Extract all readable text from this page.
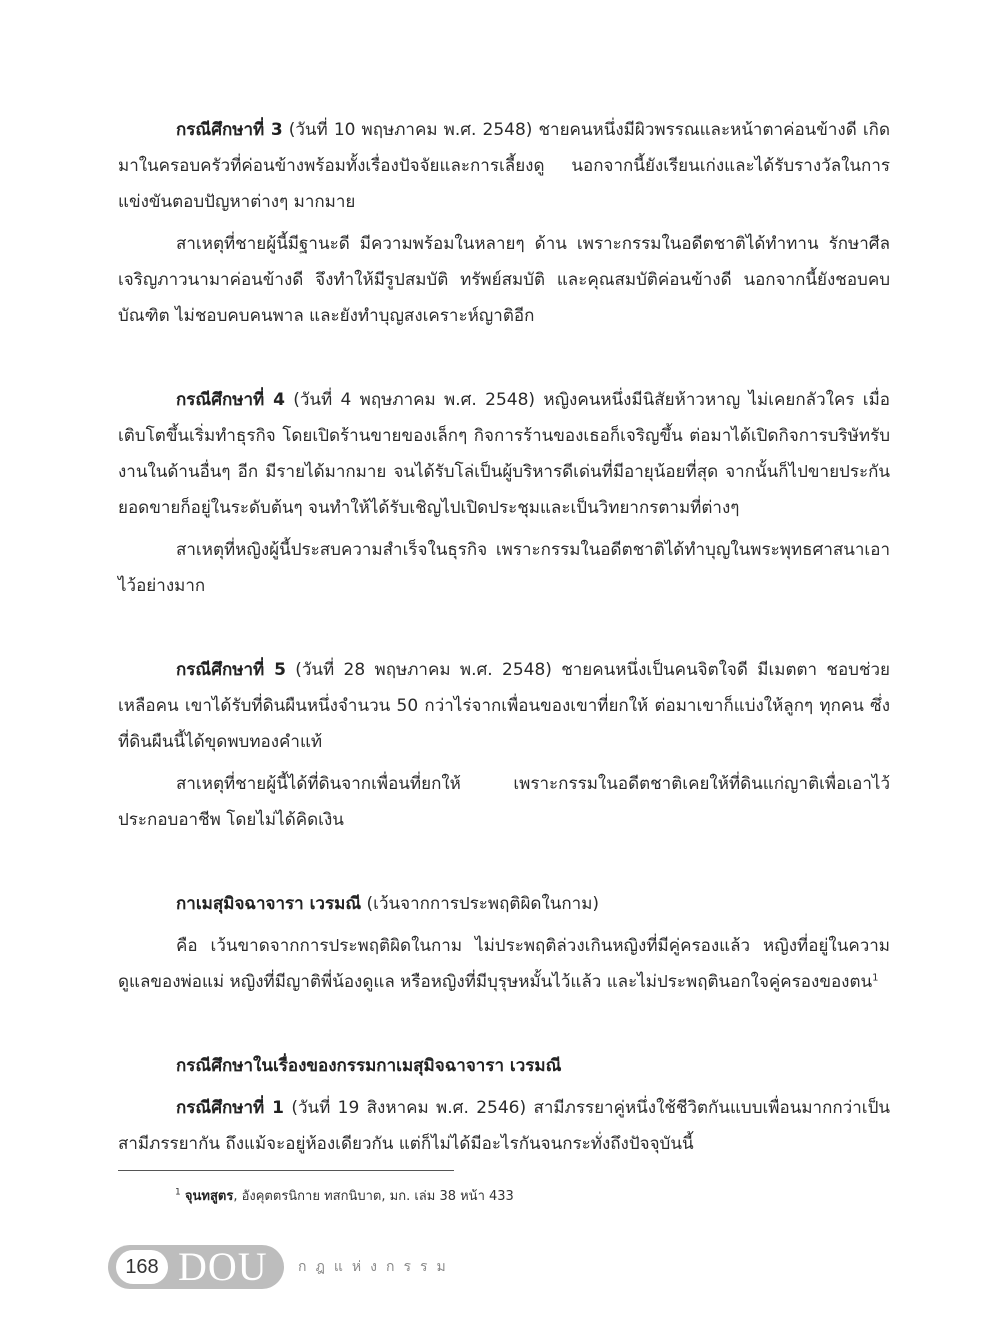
กรณีศึกษาที่ 3 (วันที่ 10 พฤษภาคม พ.ศ. 2548) ชายคนหนึ่งมีผิวพรรณและหน้าตาค่อนข้างดี เกิดมาในครอบครัวที่ค่อนข้างพร้อมทั้งเรื่องปัจจัยและการเลี้ยงดู นอกจากนี้ยังเรียนเก่งและได้รับรางวัลในการแข่งขันตอบปัญหาต่างๆ มากมาย

สาเหตุที่ชายผู้นี้มีฐานะดี มีความพร้อมในหลายๆ ด้าน เพราะกรรมในอดีตชาติได้ทำทาน รักษาศีล เจริญภาวนามาค่อนข้างดี จึงทำให้มีรูปสมบัติ ทรัพย์สมบัติ และคุณสมบัติค่อนข้างดี นอกจากนี้ยังชอบคบบัณฑิต ไม่ชอบคบคนพาล และยังทำบุญสงเคราะห์ญาติอีก

กรณีศึกษาที่ 4 (วันที่ 4 พฤษภาคม พ.ศ. 2548) หญิงคนหนึ่งมีนิสัยห้าวหาญ ไม่เคยกลัวใคร เมื่อเติบโตขึ้นเริ่มทำธุรกิจ โดยเปิดร้านขายของเล็กๆ กิจการร้านของเธอก็เจริญขึ้น ต่อมาได้เปิดกิจการบริษัทรับงานในด้านอื่นๆ อีก มีรายได้มากมาย จนได้รับโล่เป็นผู้บริหารดีเด่นที่มีอายุน้อยที่สุด จากนั้นก็ไปขายประกันยอดขายก็อยู่ในระดับต้นๆ จนทำให้ได้รับเชิญไปเปิดประชุมและเป็นวิทยากรตามที่ต่างๆ

สาเหตุที่หญิงผู้นี้ประสบความสำเร็จในธุรกิจ เพราะกรรมในอดีตชาติได้ทำบุญในพระพุทธศาสนาเอาไว้อย่างมาก

กรณีศึกษาที่ 5 (วันที่ 28 พฤษภาคม พ.ศ. 2548) ชายคนหนึ่งเป็นคนจิตใจดี มีเมตตา ชอบช่วยเหลือคน เขาได้รับที่ดินผืนหนึ่งจำนวน 50 กว่าไร่จากเพื่อนของเขาที่ยกให้ ต่อมาเขาก็แบ่งให้ลูกๆ ทุกคน ซึ่งที่ดินผืนนี้ได้ขุดพบทองคำแท้

สาเหตุที่ชายผู้นี้ได้ที่ดินจากเพื่อนที่ยกให้ เพราะกรรมในอดีตชาติเคยให้ที่ดินแก่ญาติเพื่อเอาไว้ประกอบอาชีพ โดยไม่ได้คิดเงิน

กาเมสุมิจฉาจารา เวรมณี (เว้นจากการประพฤติผิดในกาม)

คือ เว้นขาดจากการประพฤติผิดในกาม ไม่ประพฤติล่วงเกินหญิงที่มีคู่ครองแล้ว หญิงที่อยู่ในความดูแลของพ่อแม่ หญิงที่มีญาติพี่น้องดูแล หรือหญิงที่มีบุรุษหมั้นไว้แล้ว และไม่ประพฤตินอกใจคู่ครองของตน$^1$

กรณีศึกษาในเรื่องของกรรมกาเมสุมิจฉาจารา เวรมณี

กรณีศึกษาที่ 1 (วันที่ 19 สิงหาคม พ.ศ. 2546) สามีภรรยาคู่หนึ่งใช้ชีวิตกันแบบเพื่อนมากกว่าเป็นสามีภรรยากัน ถึงแม้จะอยู่ห้องเดียวกัน แต่ก็ไม่ได้มีอะไรกันจนกระทั่งถึงปัจจุบันนี้

$^1$ จุนทสูตร, อังคุตตรนิกาย ทสกนิบาต, มก. เล่ม 38 หน้า 433
168 DOU กฎแห่งกรรม
